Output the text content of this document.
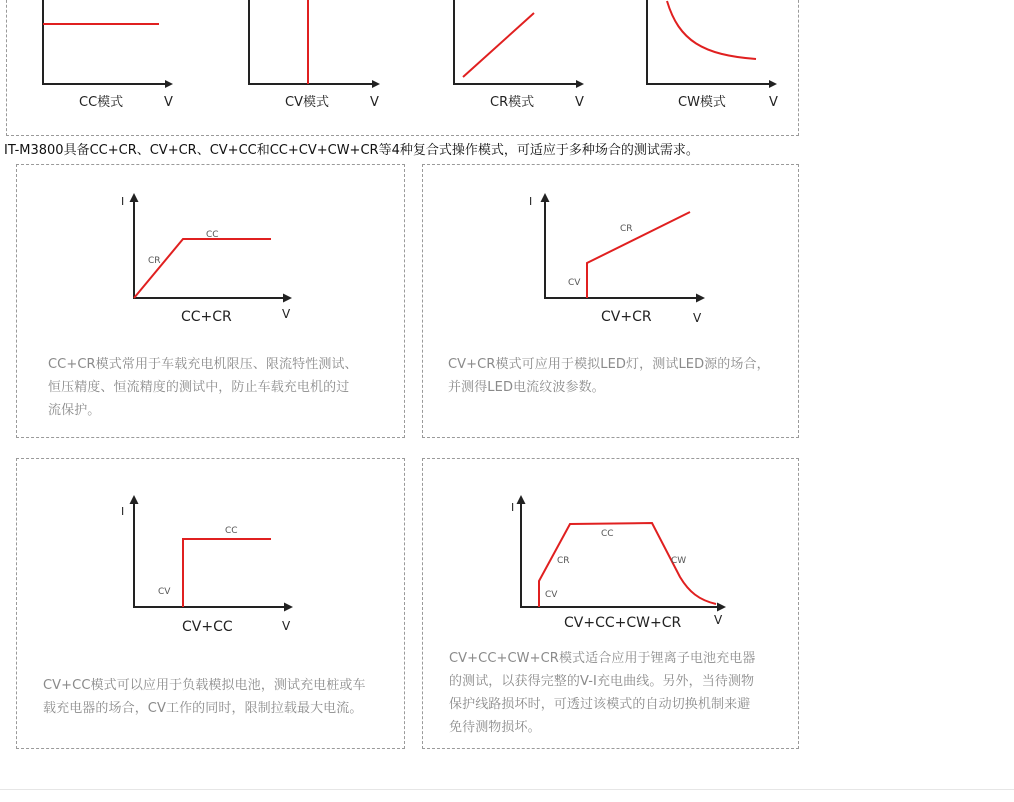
CC模式	V	CV模式	V	CR模式	V	CW模式	V
IT-M3800具备CC+CR、CV+CR、CV+CC和CC+CV+CW+CR等4种复合式操作模式，可适应于多种场合的测试需求。
I
V
CR
CC
CC+CR
CC+CR模式常用于车载充电机限压、限流特性测试、
恒压精度、恒流精度的测试中，防止车载充电机的过
流保护。
I
V
CV
CR
CV+CR
CV+CR模式可应用于模拟LED灯，测试LED源的场合，
并测得LED电流纹波参数。
I
V
CV
CC
CV+CC
CV+CC模式可以应用于负载模拟电池，测试充电桩或车
载充电器的场合，CV工作的同时，限制拉载最大电流。
I
V
CV
CR
CC
CW
CV+CC+CW+CR
CV+CC+CW+CR模式适合应用于锂离子电池充电器
的测试，以获得完整的V-I充电曲线。另外，当待测物
保护线路损坏时，可透过该模式的自动切换机制来避
免待测物损坏。
